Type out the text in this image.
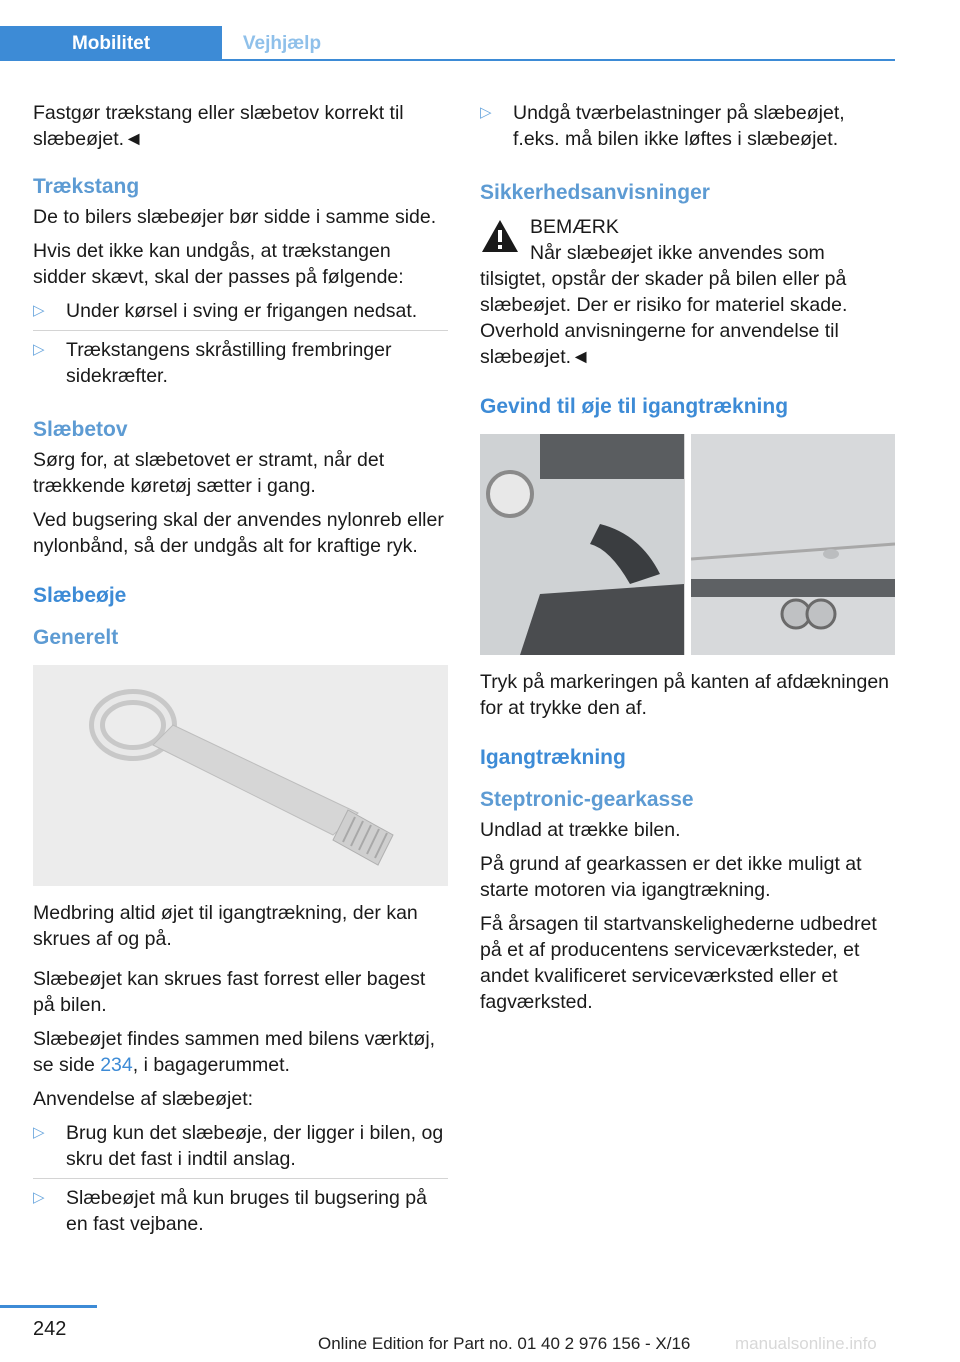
Mobilitet	Vejhjælp

Fastgør trækstang eller slæbetov korrekt til slæbeøjet.◄

Trækstang

De to bilers slæbeøjer bør sidde i samme side.

Hvis det ikke kan undgås, at trækstangen sidder skævt, skal der passes på følgende:

▷ Under kørsel i sving er frigangen nedsat.
▷ Trækstangens skråstilling frembringer sidekræfter.
Slæbetov

Sørg for, at slæbetovet er stramt, når det trækkende køretøj sætter i gang.

Ved bugsering skal der anvendes nylonreb eller nylonbånd, så der undgås alt for kraftige ryk.

Slæbeøje
Generelt

Medbring altid øjet til igangtrækning, der kan skrues af og på.

Slæbeøjet kan skrues fast forrest eller bagest på bilen.

Slæbeøjet findes sammen med bilens værktøj, se side 234, i bagagerummet.

Anvendelse af slæbeøjet:

▷ Brug kun det slæbeøje, der ligger i bilen, og skru det fast i indtil anslag.
▷ Slæbeøjet må kun bruges til bugsering på en fast vejbane.
▷ Undgå tværbelastninger på slæbeøjet, f.eks. må bilen ikke løftes i slæbeøjet.
Sikkerhedsanvisninger
BEMÆRK

Når slæbeøjet ikke anvendes som tilsigtet, opstår der skader på bilen eller på slæbeøjet. Der er risiko for materiel skade. Overhold anvisningerne for anvendelse til slæbeøjet.◄

Gevind til øje til igangtrækning

Tryk på markeringen på kanten af afdækningen for at trykke den af.

Igangtrækning
Steptronic-gearkasse

Undlad at trække bilen.

På grund af gearkassen er det ikke muligt at starte motoren via igangtrækning.

Få årsagen til startvanskelighederne udbedret på et af producentens serviceværksteder, et andet kvalificeret serviceværksted eller et fagværksted.

242
Online Edition for Part no. 01 40 2 976 156 - X/16	manualsonline.info
